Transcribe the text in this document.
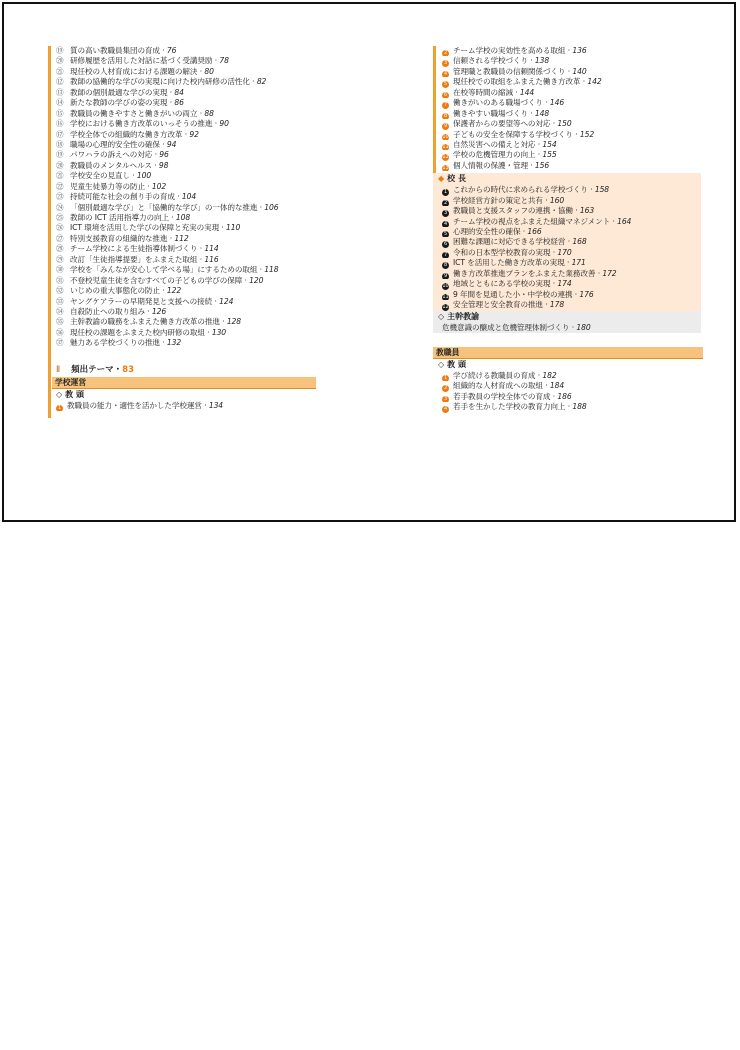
⑲ 質の高い教職員集団の育成 · 76
⑳ 研修履歴を活用した対話に基づく受講奨励 · 78
㉑ 現任校の人材育成における課題の解決 · 80
⑫ 教師の協働的な学びの実現に向けた校内研修の活性化 · 82
⑬ 教師の個別最適な学びの実現 · 84
⑭ 新たな教師の学びの姿の実現 · 86
⑮ 教職員の働きやすさと働きがいの両立 · 88
⑯ 学校における働き方改革のいっそうの推進 · 90
⑰ 学校全体での組織的な働き方改革 · 92
⑱ 職場の心理的安全性の確保 · 94
⑲ パワハラの訴えへの対応 · 96
⑳ 教職員のメンタルヘルス · 98
㉑ 学校安全の見直し · 100
㉒ 児童生徒暴力等の防止 · 102
㉓ 持続可能な社会の創り手の育成 · 104
㉔ 「個別最適な学び」と「協働的な学び」の一体的な推進 · 106
㉕ 教師の ICT 活用指導力の向上 · 108
㉖ ICT 環境を活用した学びの保障と充実の実現 · 110
㉗ 特別支援教育の組織的な推進 · 112
㉘ チーム学校による生徒指導体制づくり · 114
㉙ 改訂「生徒指導提要」をふまえた取組 · 116
㉚ 学校を「みんなが安心して学べる場」にするための取組 · 118
㉛ 不登校児童生徒を含むすべての子どもの学びの保障 · 120
㉜ いじめの重大事態化の防止 · 122
㉝ ヤングケアラーの早期発見と支援への接続 · 124
㉞ 自殺防止への取り組み · 126
㉟ 主幹教諭の職務をふまえた働き方改革の推進 · 128
㊱ 現任校の課題をふまえた校内研修の取組 · 130
㊲ 魅力ある学校づくりの推進 · 132
Ⅱ 頻出テーマ・83
学校運営
◇ 教 頭
1 教職員の能力・適性を活かした学校運営 · 134
2 チーム学校の実効性を高める取組 · 136
3 信頼される学校づくり · 138
4 管理職と教職員の信頼関係づくり · 140
5 現任校での取組をふまえた働き方改革 · 142
6 在校等時間の縮減 · 144
7 働きがいのある職場づくり · 146
8 働きやすい職場づくり · 148
9 保護者からの要望等への対応 · 150
10 子どもの安全を保障する学校づくり · 152
11 自然災害への備えと対応 · 154
12 学校の危機管理力の向上 · 155
13 個人情報の保護・管理 · 156
◆ 校 長
1 これからの時代に求められる学校づくり · 158
2 学校経営方針の策定と共有 · 160
3 教職員と支援スタッフの連携・協働 · 163
4 チーム学校の視点をふまえた組織マネジメント · 164
5 心理的安全性の確保 · 166
6 困難な課題に対応できる学校経営 · 168
7 令和の日本型学校教育の実現 · 170
8 ICT を活用した働き方改革の実現 · 171
9 働き方改革推進プランをふまえた業務改善 · 172
10 地域とともにある学校の実現 · 174
11 9 年間を見通した小・中学校の連携 · 176
12 安全管理と安全教育の推進 · 178
◇ 主幹教諭
危機意識の醸成と危機管理体制づくり · 180
教職員
◇ 教 頭
1 学び続ける教職員の育成 · 182
2 組織的な人材育成への取組 · 184
3 若手教員の学校全体での育成 · 186
4 若手を生かした学校の教育力向上 · 188
